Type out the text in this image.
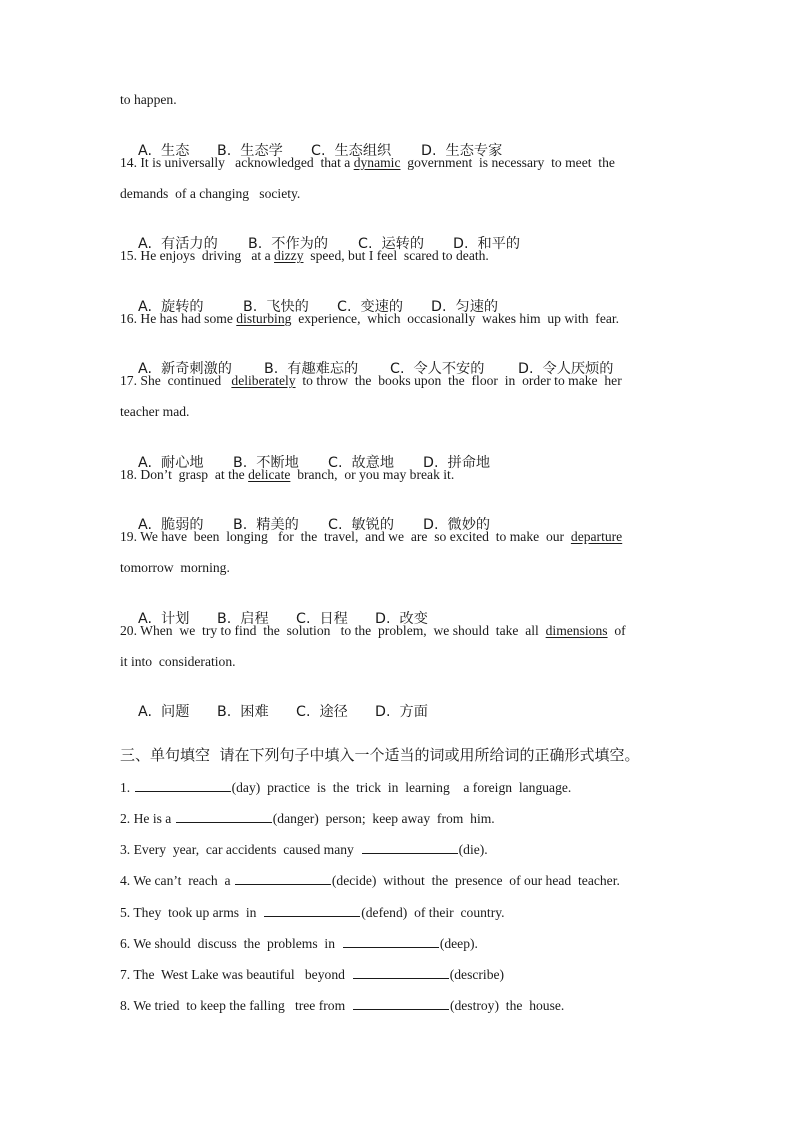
to happen.

A.  生态 B.  生态学 C.  生态组织 D.  生态专家

14. It is universally   acknowledged  that a dynamic  government  is necessary  to meet  the
demands  of a changing   society.

A.  有活力的 B.  不作为的 C.  运转的 D.  和平的

15. He enjoys  driving   at a dizzy  speed, but I feel  scared to death.

A.  旋转的	B.  飞快的 C.  变速的 D.  匀速的

16. He has had some disturbing  experience,  which  occasionally  wakes him  up with  fear.

A.  新奇刺激的 B.  有趣难忘的 C.  令人不安的 D.  令人厌烦的

17. She  continued   deliberately  to throw  the  books upon  the  floor  in  order to make  her
teacher mad.

A.  耐心地 B.  不断地 C.  故意地 D.  拼命地

18. Don’t  grasp  at the delicate  branch,  or you may break it.

A.  脆弱的 B.  精美的 C.  敏锐的 D.  微妙的

19. We have  been  longing   for  the  travel,  and we  are  so excited  to make  our  departure
tomorrow  morning.

A.  计划 B.  启程 C.  日程 D.  改变

20. When  we  try to find  the  solution   to the  problem,  we should  take  all  dimensions  of
it into  consideration.

A.  问题 B.  困难 C.  途径 D.  方面

三、单句填空  请在下列句子中填入一个适当的词或用所给词的正确形式填空。
1.	(day)  practice  is  the  trick  in  learning    a foreign  language.
2. He is a	(danger)  person;  keep away  from  him.
3. Every  year,  car accidents  caused many	(die).
4. We can’t  reach  a	(decide)  without  the  presence  of our head  teacher.
5. They  took up arms  in	(defend)  of their  country.
6. We should  discuss  the  problems  in	(deep).
7. The  West Lake was beautiful   beyond	(describe)
8. We tried  to keep the falling   tree from	(destroy)  the  house.
